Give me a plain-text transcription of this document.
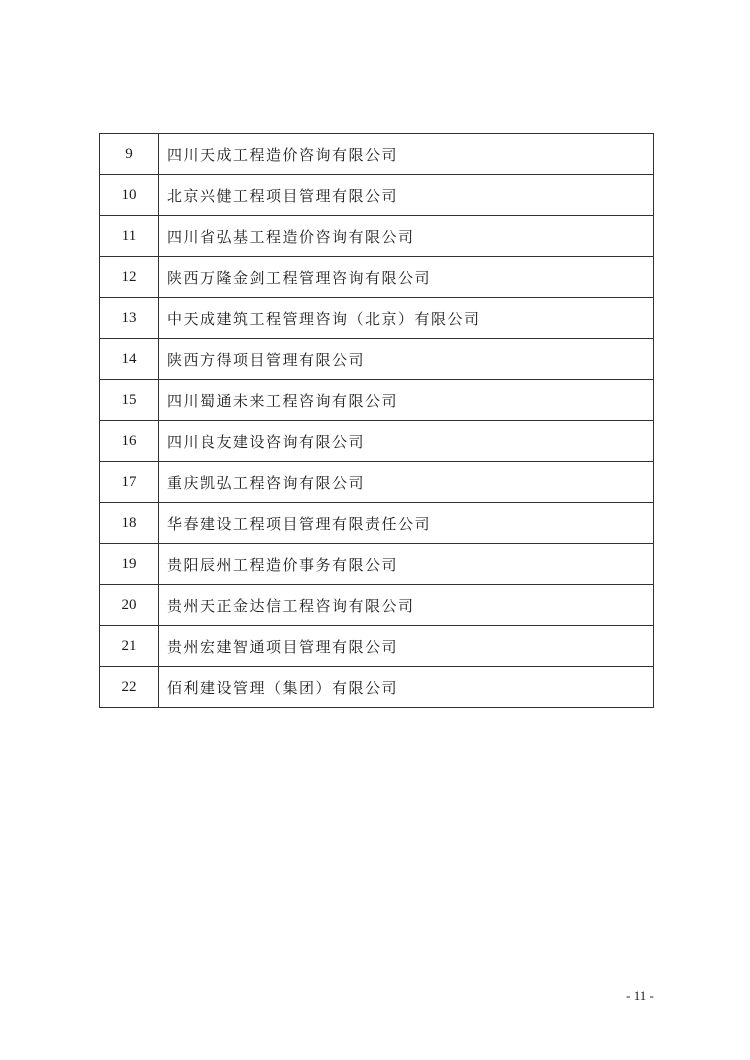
9	四川天成工程造价咨询有限公司
10	北京兴健工程项目管理有限公司
11	四川省弘基工程造价咨询有限公司
12	陕西万隆金剑工程管理咨询有限公司
13	中天成建筑工程管理咨询（北京）有限公司
14	陕西方得项目管理有限公司
15	四川蜀通未来工程咨询有限公司
16	四川良友建设咨询有限公司
17	重庆凯弘工程咨询有限公司
18	华春建设工程项目管理有限责任公司
19	贵阳辰州工程造价事务有限公司
20	贵州天正金达信工程咨询有限公司
21	贵州宏建智通项目管理有限公司
22	佰利建设管理（集团）有限公司
- 11 -
